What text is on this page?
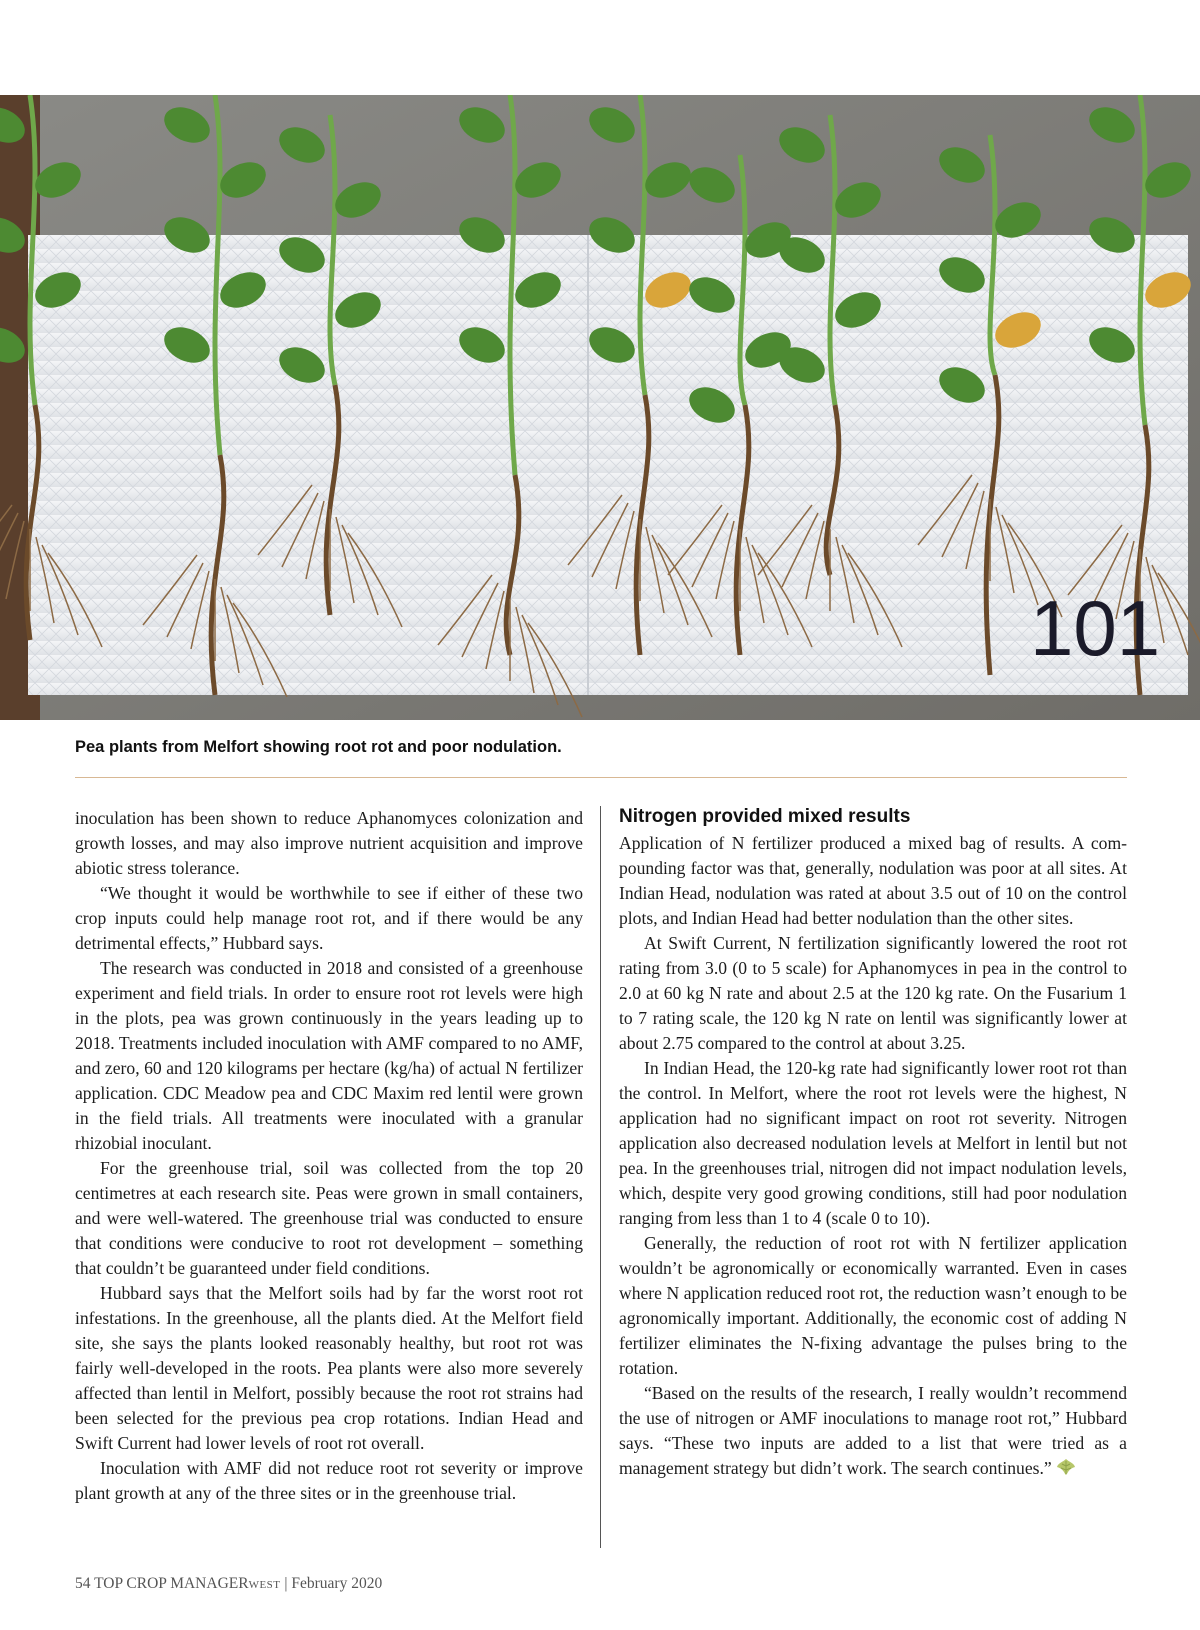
101
Pea plants from Melfort showing root rot and poor nodulation.

inoculation has been shown to reduce Aphanomyces colonization and growth losses, and may also improve nutrient acquisition and improve abiotic stress tolerance.

“We thought it would be worthwhile to see if either of these two crop inputs could help manage root rot, and if there would be any detrimental effects,” Hubbard says.

The research was conducted in 2018 and consisted of a greenhouse experiment and field trials. In order to ensure root rot levels were high in the plots, pea was grown continuously in the years leading up to 2018. Treatments included inoculation with AMF compared to no AMF, and zero, 60 and 120 kilograms per hectare (kg/ha) of actual N fertilizer application. CDC Meadow pea and CDC Maxim red lentil were grown in the field trials. All treatments were inoculated with a granular rhizobial inoculant.

For the greenhouse trial, soil was collected from the top 20 centimetres at each research site. Peas were grown in small containers, and were well-watered. The greenhouse trial was conducted to ensure that conditions were conducive to root rot development – something that couldn’t be guaranteed under field conditions.

Hubbard says that the Melfort soils had by far the worst root rot infestations. In the greenhouse, all the plants died. At the Melfort field site, she says the plants looked reasonably healthy, but root rot was fairly well-developed in the roots. Pea plants were also more severely affected than lentil in Melfort, possibly because the root rot strains had been selected for the previous pea crop rotations. Indian Head and Swift Current had lower levels of root rot overall.

Inoculation with AMF did not reduce root rot severity or improve plant growth at any of the three sites or in the greenhouse trial.

Nitrogen provided mixed results

Application of N fertilizer produced a mixed bag of results. A compounding factor was that, generally, nodulation was poor at all sites. At Indian Head, nodulation was rated at about 3.5 out of 10 on the control plots, and Indian Head had better nodulation than the other sites.

At Swift Current, N fertilization significantly lowered the root rot rating from 3.0 (0 to 5 scale) for Aphanomyces in pea in the control to 2.0 at 60 kg N rate and about 2.5 at the 120 kg rate. On the Fusarium 1 to 7 rating scale, the 120 kg N rate on lentil was significantly lower at about 2.75 compared to the control at about 3.25.

In Indian Head, the 120-kg rate had significantly lower root rot than the control. In Melfort, where the root rot levels were the highest, N application had no significant impact on root rot severity. Nitrogen application also decreased nodulation levels at Melfort in lentil but not pea. In the greenhouses trial, nitrogen did not impact nodulation levels, which, despite very good growing conditions, still had poor nodulation ranging from less than 1 to 4 (scale 0 to 10).

Generally, the reduction of root rot with N fertilizer application wouldn’t be agronomically or economically warranted. Even in cases where N application reduced root rot, the reduction wasn’t enough to be agronomically important. Additionally, the economic cost of adding N fertilizer eliminates the N-fixing advantage the pulses bring to the rotation.

“Based on the results of the research, I really wouldn’t recommend the use of nitrogen or AMF inoculations to manage root rot,” Hubbard says. “These two inputs are added to a list that were tried as a management strategy but didn’t work. The search continues.”

54 TOP CROP MANAGERWEST | February 2020
